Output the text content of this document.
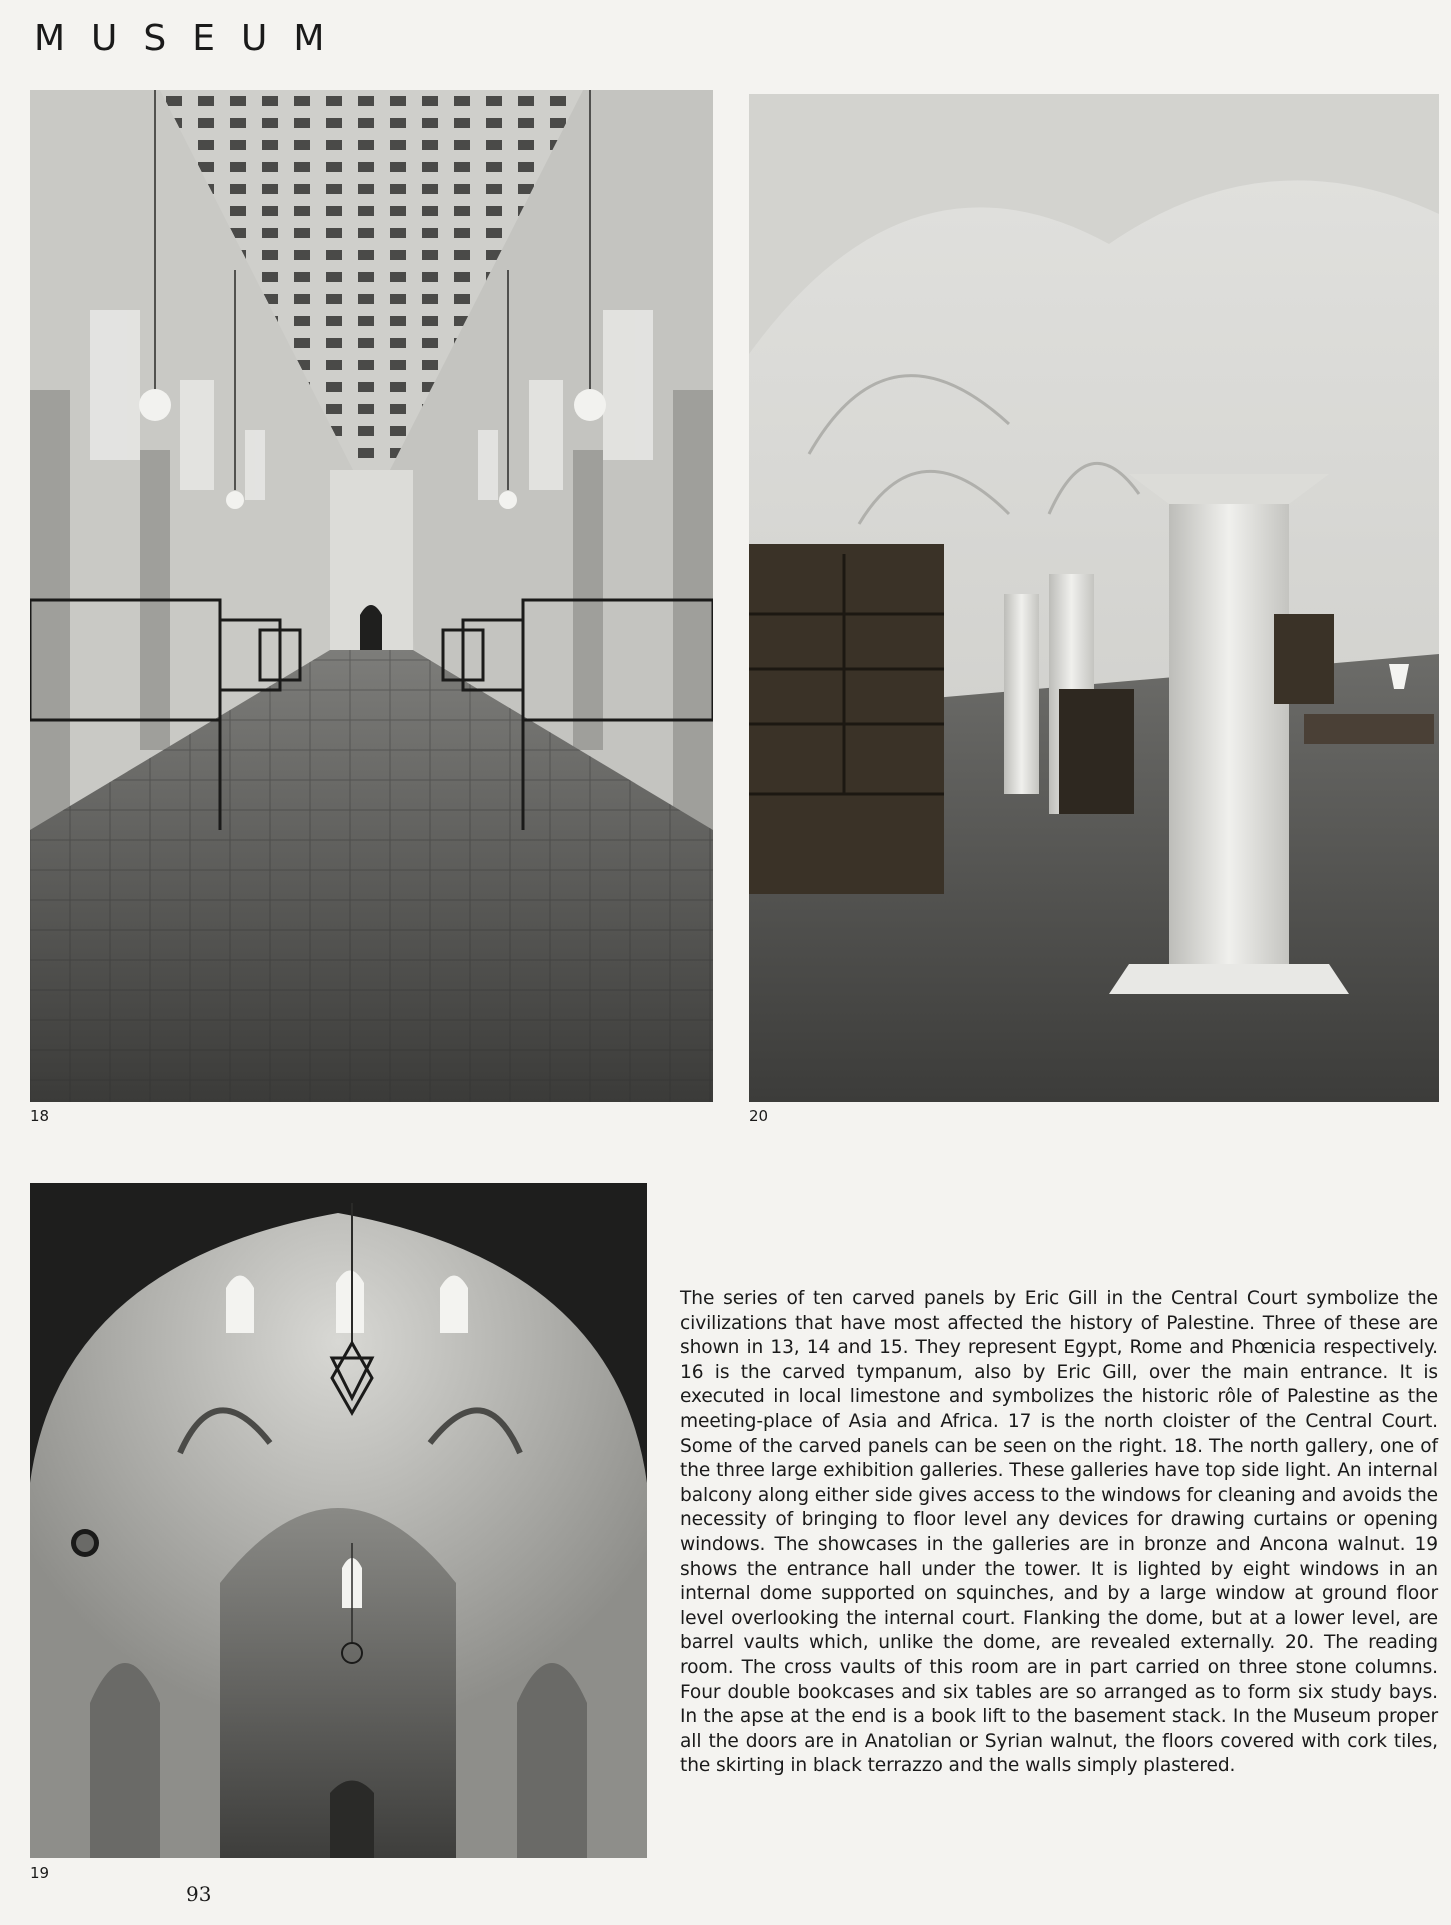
MUSEUM
18	20
19
The series of ten carved panels by Eric Gill in the Central Court symbolize the civilizations that have most affected the history of Palestine. Three of these are shown in 13, 14 and 15. They represent Egypt, Rome and Phœnicia respectively. 16 is the carved tympanum, also by Eric Gill, over the main entrance. It is executed in local limestone and symbolizes the historic rôle of Palestine as the meeting-place of Asia and Africa. 17 is the north cloister of the Central Court. Some of the carved panels can be seen on the right. 18. The north gallery, one of the three large exhibition galleries. These galleries have top side light. An internal balcony along either side gives access to the windows for cleaning and avoids the necessity of bringing to floor level any devices for drawing curtains or opening windows. The showcases in the galleries are in bronze and Ancona walnut. 19 shows the entrance hall under the tower. It is lighted by eight windows in an internal dome supported on squinches, and by a large window at ground floor level overlooking the internal court. Flanking the dome, but at a lower level, are barrel vaults which, unlike the dome, are revealed externally. 20. The reading room. The cross vaults of this room are in part carried on three stone columns. Four double bookcases and six tables are so arranged as to form six study bays. In the apse at the end is a book lift to the basement stack. In the Museum proper all the doors are in Anatolian or Syrian walnut, the floors covered with cork tiles, the skirting in black terrazzo and the walls simply plastered.
93
